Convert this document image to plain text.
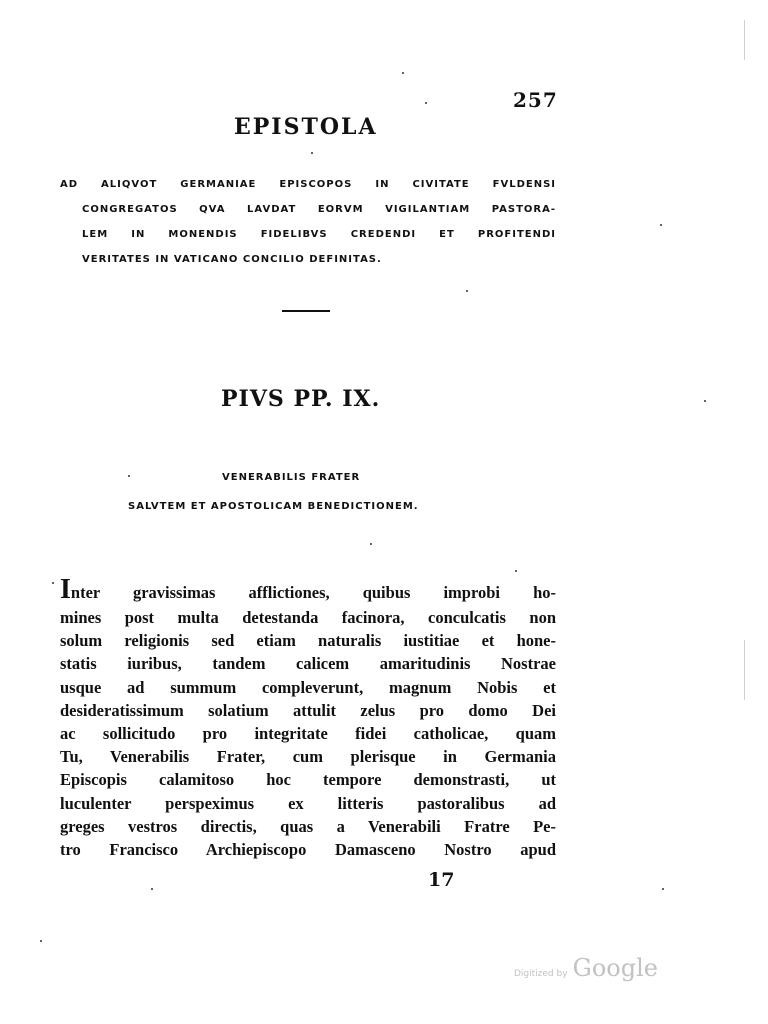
257
EPISTOLA
AD ALIQVOT GERMANIAE EPISCOPOS IN CIVITATE FVLDENSI
CONGREGATOS QVA LAVDAT EORVM VIGILANTIAM PASTORA-
LEM IN MONENDIS FIDELIBVS CREDENDI ET PROFITENDI
VERITATES IN VATICANO CONCILIO DEFINITAS.
PIVS PP. IX.
VENERABILIS FRATER
SALVTEM ET APOSTOLICAM BENEDICTIONEM.
Inter gravissimas afflictiones, quibus improbi ho-
mines post multa detestanda facinora, conculcatis non
solum religionis sed etiam naturalis iustitiae et hone-
statis iuribus, tandem calicem amaritudinis Nostrae
usque ad summum compleverunt, magnum Nobis et
desideratissimum solatium attulit zelus pro domo Dei
ac sollicitudo pro integritate fidei catholicae, quam
Tu, Venerabilis Frater, cum plerisque in Germania
Episcopis calamitoso hoc tempore demonstrasti, ut
luculenter perspeximus ex litteris pastoralibus ad
greges vestros directis, quas a Venerabili Fratre Pe-
tro Francisco Archiepiscopo Damasceno Nostro apud
17
Digitized by Google
